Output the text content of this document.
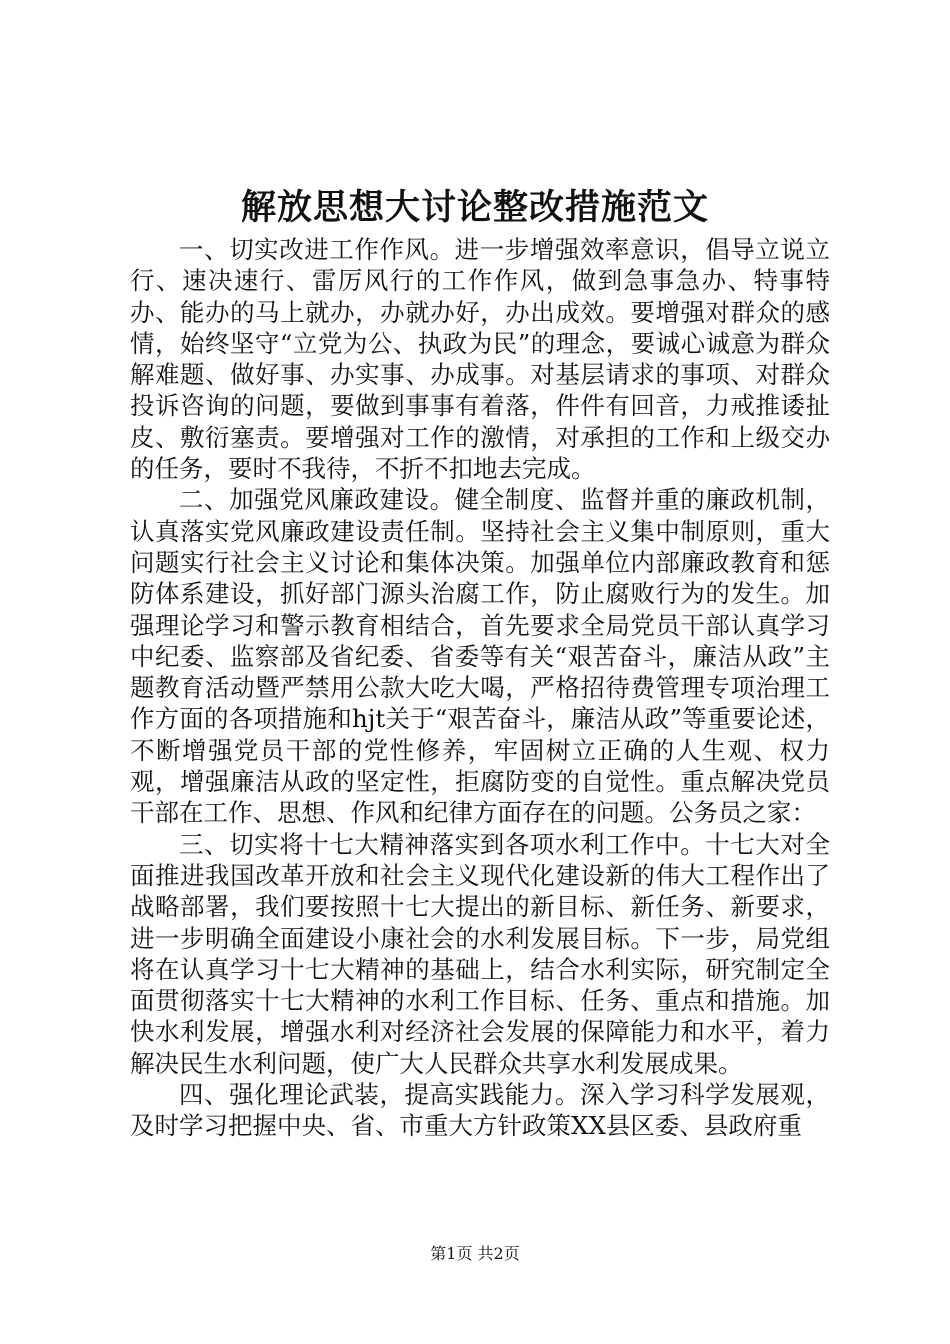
解放思想大讨论整改措施范文

一、切实改进工作作风。进一步增强效率意识，倡导立说立行、速决速行、雷厉风行的工作作风，做到急事急办、特事特办、能办的马上就办，办就办好，办出成效。要增强对群众的感情，始终坚守“立党为公、执政为民”的理念，要诚心诚意为群众解难题、做好事、办实事、办成事。对基层请求的事项、对群众投诉咨询的问题，要做到事事有着落，件件有回音，力戒推诿扯皮、敷衍塞责。要增强对工作的激情，对承担的工作和上级交办的任务，要时不我待，不折不扣地去完成。

二、加强党风廉政建设。健全制度、监督并重的廉政机制，认真落实党风廉政建设责任制。坚持社会主义集中制原则，重大问题实行社会主义讨论和集体决策。加强单位内部廉政教育和惩防体系建设，抓好部门源头治腐工作，防止腐败行为的发生。加强理论学习和警示教育相结合，首先要求全局党员干部认真学习中纪委、监察部及省纪委、省委等有关“艰苦奋斗，廉洁从政”主题教育活动暨严禁用公款大吃大喝，严格招待费管理专项治理工作方面的各项措施和hjt关于“艰苦奋斗，廉洁从政”等重要论述，不断增强党员干部的党性修养，牢固树立正确的人生观、权力观，增强廉洁从政的坚定性，拒腐防变的自觉性。重点解决党员干部在工作、思想、作风和纪律方面存在的问题。公务员之家：

三、切实将十七大精神落实到各项水利工作中。十七大对全面推进我国改革开放和社会主义现代化建设新的伟大工程作出了战略部署，我们要按照十七大提出的新目标、新任务、新要求，进一步明确全面建设小康社会的水利发展目标。下一步，局党组将在认真学习十七大精神的基础上，结合水利实际，研究制定全面贯彻落实十七大精神的水利工作目标、任务、重点和措施。加快水利发展，增强水利对经济社会发展的保障能力和水平，着力解决民生水利问题，使广大人民群众共享水利发展成果。

四、强化理论武装，提高实践能力。深入学习科学发展观，及时学习把握中央、省、市重大方针政策XX县区委、县政府重

第1页 共2页
